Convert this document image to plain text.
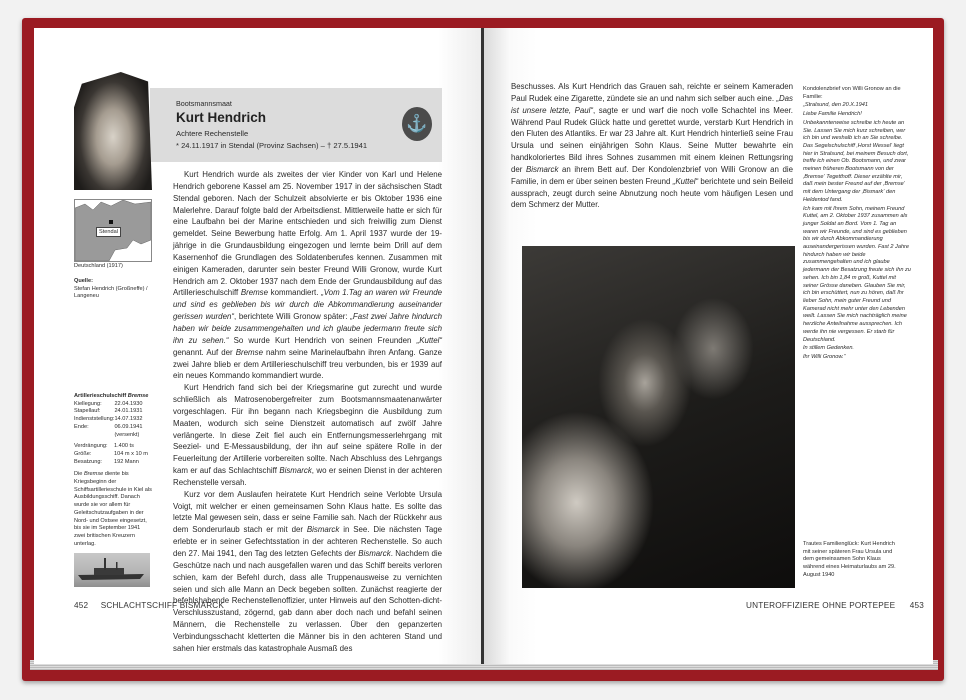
Bootsmannsmaat
Kurt Hendrich
Achtere Rechenstelle
* 24.11.1917 in Stendal (Provinz Sachsen) – † 27.5.1941
⚓
Stendal
Deutschland (1917)
Quelle:
Stefan Hendrich (Großneffe) / Langeneu
Artillerieschulschiff Bremse
Kiellegung:	22.04.1930
Stapellauf:	24.01.1931
Indienststellung:	14.07.1932
Ende:	06.09.1941 (versenkt)
Verdrängung:	1.400 ts
Größe:	104 m x 10 m
Besatzung:	192 Mann
Die Bremse diente bis Kriegsbeginn der Schiffsartillerieschule in Kiel als Ausbildungsschiff. Danach wurde sie vor allem für Geleitschutzaufgaben in der Nord- und Ostsee eingesetzt, bis sie im September 1941 zwei britischen Kreuzern unterlag.

Kurt Hendrich wurde als zweites der vier Kinder von Karl und Helene Hendrich geborene Kassel am 25. November 1917 in der sächsischen Stadt Stendal geboren. Nach der Schulzeit absolvierte er bis Oktober 1936 eine Malerlehre. Darauf folgte bald der Arbeitsdienst. Mittlerweile hatte er sich für eine Laufbahn bei der Marine entschieden und sich freiwillig zum Dienst gemeldet. Seine Bewerbung hatte Erfolg. Am 1. April 1937 wurde der 19-jährige in die Grundausbildung eingezogen und lernte beim Drill auf dem Kasernenhof die Grundlagen des Soldatenberufes kennen. Zusammen mit einigen Kameraden, darunter sein bester Freund Willi Gronow, wurde Kurt Hendrich am 2. Oktober 1937 nach dem Ende der Grundausbildung auf das Artillerieschulschiff Bremse kommandiert. „Vom 1.Tag an waren wir Freunde und sind es geblieben bis wir durch die Abkommandierung auseinander gerissen wurden“, berichtete Willi Gronow später: „Fast zwei Jahre hindurch haben wir beide zusammengehalten und ich glaube jedermann freute sich ihn zu sehen.“ So wurde Kurt Hendrich von seinen Freunden „Kuttel“ genannt. Auf der Bremse nahm seine Marinelaufbahn ihren Anfang. Ganze zwei Jahre blieb er dem Artillerieschulschiff treu verbunden, bis er 1939 auf ein neues Kommando kommandiert wurde.

Kurt Hendrich fand sich bei der Kriegsmarine gut zurecht und wurde schließlich als Matrosenobergefreiter zum Bootsmannsmaatenanwärter vorgeschlagen. Für ihn begann nach Kriegsbeginn die Ausbildung zum Maaten, wodurch sich seine Dienstzeit automatisch auf zwölf Jahre verlängerte. In diese Zeit fiel auch ein Entfernungsmesserlehrgang mit Seeziel- und E-Messausbildung, der ihn auf seine spätere Rolle in der Feuerleitung der Artillerie vorbereiten sollte. Nach Abschluss des Lehrgangs kam er auf das Schlachtschiff Bismarck, wo er seinen Dienst in der achteren Rechenstelle versah.

Kurz vor dem Auslaufen heiratete Kurt Hendrich seine Verlobte Ursula Voigt, mit welcher er einen gemeinsamen Sohn Klaus hatte. Es sollte das letzte Mal gewesen sein, dass er seine Familie sah. Nach der Rückkehr aus dem Sonderurlaub stach er mit der Bismarck in See. Die nächsten Tage erlebte er in seiner Gefechtsstation in der achteren Rechenstelle. So auch den 27. Mai 1941, den Tag des letzten Gefechts der Bismarck. Nachdem die Geschütze nach und nach ausgefallen waren und das Schiff bereits verloren schien, kam der Befehl durch, dass alle Truppenausweise zu vernichten seien und sich alle Mann an Deck begeben sollten. Zunächst reagierte der befehlshabende Rechenstellenoffizier, unter Hinweis auf den Schotten-dicht-Verschlusszustand, zögernd, gab dann aber doch nach und befahl seinen Männern, die Rechenstelle zu verlassen. Über den gepanzerten Verbindungsschacht kletterten die Männer bis in den achteren Stand und sahen hier erstmals das katastrophale Ausmaß des

452 SCHLACHTSCHIFF BISMARCK

Beschusses. Als Kurt Hendrich das Grauen sah, reichte er seinem Kameraden Paul Rudek eine Zigarette, zündete sie an und nahm sich selber auch eine. „Das ist unsere letzte, Paul“, sagte er und warf die noch volle Schachtel ins Meer. Während Paul Rudek Glück hatte und gerettet wurde, verstarb Kurt Hendrich in den Fluten des Atlantiks. Er war 23 Jahre alt. Kurt Hendrich hinterließ seine Frau Ursula und seinen einjährigen Sohn Klaus. Seine Mutter bewahrte ein handkoloriertes Bild ihres Sohnes zusammen mit einem kleinen Rettungsring der Bismarck an ihrem Bett auf. Der Kondolenzbrief von Willi Gronow an die Familie, in dem er über seinen besten Freund „Kuttel“ berichtete und sein Beileid aussprach, zeugt durch seine Abnutzung noch heute vom häufigen Lesen und dem Schmerz der Mutter.

Kondolenzbrief von Willi Gronow an die Familie:
„Stralsund, den 20.X.1941
Liebe Familie Hendrich!
Unbekannterweise schreibe ich heute an Sie. Lassen Sie mich kurz schreiben, wer ich bin und weshalb ich an Sie schreibe. Das Segelschulschiff ‚Horst Wessel‘ liegt hier in Stralsund, bei meinem Besuch dort, treffe ich einen Ob. Bootsmann, und zwar meinen früheren Bootsmann von der ‚Bremse‘ Tegetthoff. Dieser erzählte mir, daß mein bester Freund auf der ‚Bremse‘ mit dem Untergang der ‚Bismark‘ den Heldentod fand.
Ich kam mit Ihrem Sohn, meinem Freund Kuttel, am 2. Oktober 1937 zusammen als junger Soldat an Bord. Vom 1. Tag an waren wir Freunde, und sind es geblieben bis wir durch Abkommandierung auseinandergerissen wurden. Fast 2 Jahre hindurch haben wir beide zusammengehalten und ich glaube jedermann der Besatzung freute sich ihn zu sehen. Ich bin 1,84 m groß, Kuttel mit seiner Grösse daneben. Glauben Sie mir, ich bin erschüttert, nun zu hören, daß Ihr lieber Sohn, mein guter Freund und Kamerad nicht mehr unter den Lebenden weilt. Lassen Sie mich nachträglich meine herzliche Anteilnahme aussprechen. Ich werde ihn nie vergessen. Er starb für Deutschland.
In stillem Gedenken.
Ihr Willi Gronow.“
Trautes Familienglück: Kurt Hendrich mit seiner späteren Frau Ursula und dem gemeinsamen Sohn Klaus während eines Heimaturlaubs am 29. August 1940
UNTEROFFIZIERE OHNE PORTEPEE 453
